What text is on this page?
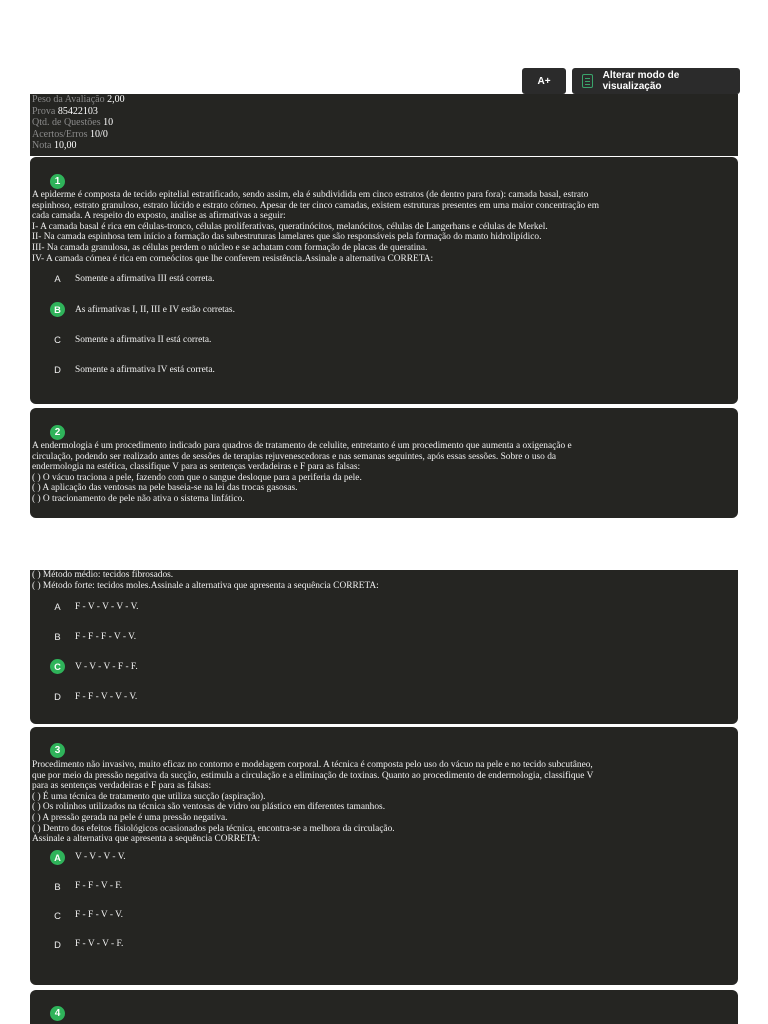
A+	Alterar modo de visualização
Peso da Avaliação 2,00
Prova 85422103
Qtd. de Questões 10
Acertos/Erros 10/0
Nota 10,00
1

A epiderme é composta de tecido epitelial estratificado, sendo assim, ela é subdividida em cinco estratos (de dentro para fora): camada basal, estrato

espinhoso, estrato granuloso, estrato lúcido e estrato córneo. Apesar de ter cinco camadas, existem estruturas presentes em uma maior concentração em

cada camada. A respeito do exposto, analise as afirmativas a seguir:

I- A camada basal é rica em células-tronco, células proliferativas, queratinócitos, melanócitos, células de Langerhans e células de Merkel.

II- Na camada espinhosa tem início a formação das subestruturas lamelares que são responsáveis pela formação do manto hidrolipídico.

III- Na camada granulosa, as células perdem o núcleo e se achatam com formação de placas de queratina.

IV- A camada córnea é rica em corneócitos que lhe conferem resistência.Assinale a alternativa CORRETA:

A	Somente a afirmativa III está correta.
B	As afirmativas I, II, III e IV estão corretas.
C	Somente a afirmativa II está correta.
D	Somente a afirmativa IV está correta.
2

A endermologia é um procedimento indicado para quadros de tratamento de celulite, entretanto é um procedimento que aumenta a oxigenação e

circulação, podendo ser realizado antes de sessões de terapias rejuvenescedoras e nas semanas seguintes, após essas sessões. Sobre o uso da

endermologia na estética, classifique V para as sentenças verdadeiras e F para as falsas:

( ) O vácuo traciona a pele, fazendo com que o sangue desloque para a periferia da pele.

( ) A aplicação das ventosas na pele baseia-se na lei das trocas gasosas.

( ) O tracionamento de pele não ativa o sistema linfático.

( ) Método médio: tecidos fibrosados.

( ) Método forte: tecidos moles.Assinale a alternativa que apresenta a sequência CORRETA:

A	F - V - V - V - V.
B	F - F - F - V - V.
C	V - V - V - F - F.
D	F - F - V - V - V.
3

Procedimento não invasivo, muito eficaz no contorno e modelagem corporal. A técnica é composta pelo uso do vácuo na pele e no tecido subcutâneo,

que por meio da pressão negativa da sucção, estimula a circulação e a eliminação de toxinas. Quanto ao procedimento de endermologia, classifique V

para as sentenças verdadeiras e F para as falsas:

( ) É uma técnica de tratamento que utiliza sucção (aspiração).

( ) Os rolinhos utilizados na técnica são ventosas de vidro ou plástico em diferentes tamanhos.

( ) A pressão gerada na pele é uma pressão negativa.

( ) Dentro dos efeitos fisiológicos ocasionados pela técnica, encontra-se a melhora da circulação.

Assinale a alternativa que apresenta a sequência CORRETA:

A	V - V - V - V.
B	F - F - V - F.
C	F - F - V - V.
D	F - V - V - F.
4
